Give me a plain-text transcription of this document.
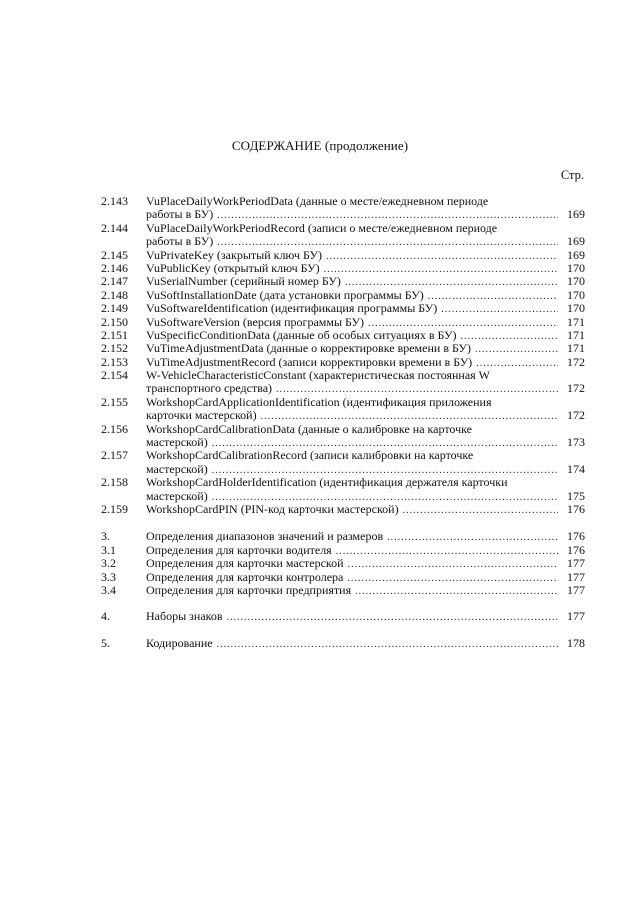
СОДЕРЖАНИЕ (продолжение)
Стр.
2.143 VuPlaceDailyWorkPeriodData (данные о месте/ежедневном периоде
работы в БУ) .....	169
2.144 VuPlaceDailyWorkPeriodRecord (записи о месте/ежедневном периоде
работы в БУ) .....	169
2.145 VuPrivateKey (закрытый ключ БУ) .....	169
2.146 VuPublicKey (открытый ключ БУ) .....	170
2.147 VuSerialNumber (серийный номер БУ) .....	170
2.148 VuSoftInstallationDate (дата установки программы БУ) .....	170
2.149 VuSoftwareIdentification (идентификация программы БУ) .....	170
2.150 VuSoftwareVersion (версия программы БУ) .....	171
2.151 VuSpecificConditionData (данные об особых ситуациях в БУ) .....	171
2.152 VuTimeAdjustmentData (данные о корректировке времени в БУ) .....	171
2.153 VuTimeAdjustmentRecord (записи корректировки времени в БУ) .....	172
2.154 W-VehicleCharacteristicConstant (характеристическая постоянная W
транспортного средства) .....	172
2.155 WorkshopCardApplicationIdentification (идентификация приложения
карточки мастерской) .....	172
2.156 WorkshopCardCalibrationData (данные о калибровке на карточке
мастерской) .....	173
2.157 WorkshopCardCalibrationRecord (записи калибровки на карточке
мастерской) .....	174
2.158 WorkshopCardHolderIdentification (идентификация держателя карточки
мастерской) .....	175
2.159 WorkshopCardPIN (PIN-код карточки мастерской) .....	176
3.	Определения диапазонов значений и размеров .....	176
3.1	Определения для карточки водителя .....	176
3.2	Определения для карточки мастерской .....	177
3.3	Определения для карточки контролера .....	177
3.4	Определения для карточки предприятия .....	177
4.	Наборы знаков .....	177
5.	Кодирование .....	178
